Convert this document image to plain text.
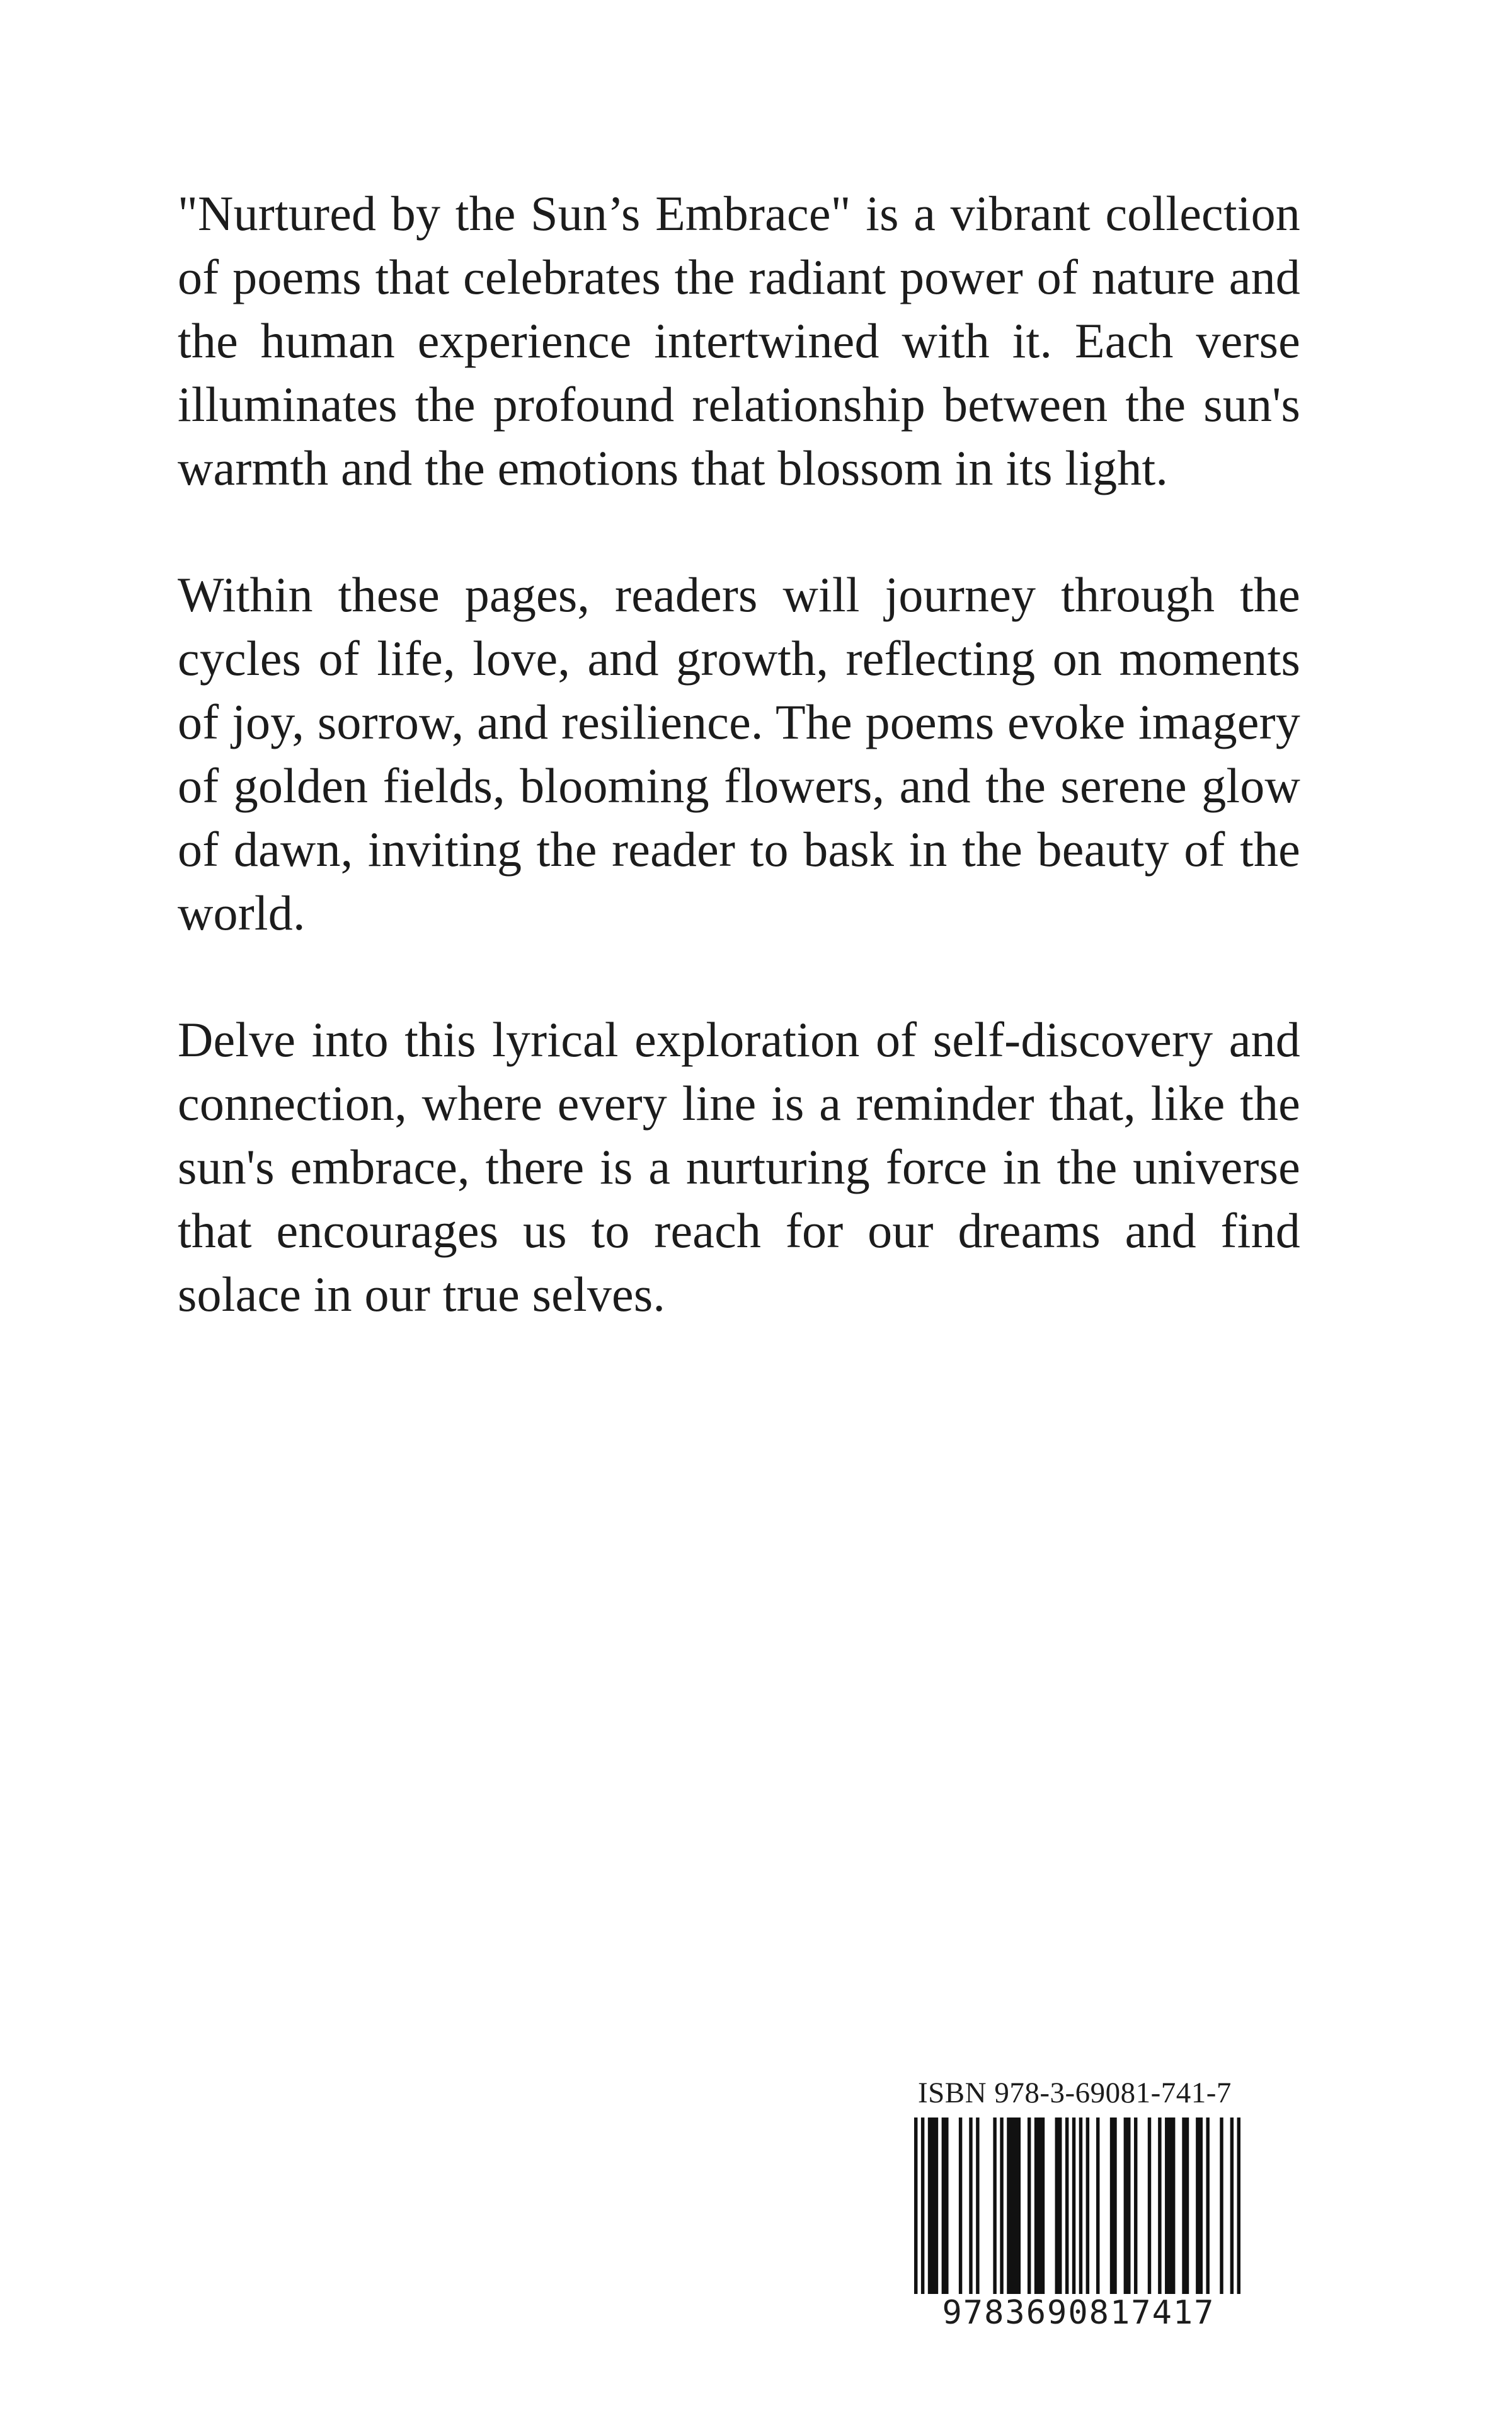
"Nurtured by the Sun’s Embrace" is a vibrant collection of poems that celebrates the radiant power of nature and the human experience intertwined with it. Each verse illuminates the profound relationship between the sun's warmth and the emotions that blossom in its light.

Within these pages, readers will journey through the cycles of life, love, and growth, reflecting on moments of joy, sorrow, and resilience. The poems evoke imagery of golden fields, blooming flowers, and the serene glow of dawn, inviting the reader to bask in the beauty of the world.

Delve into this lyrical exploration of self-discovery and connection, where every line is a reminder that, like the sun's embrace, there is a nurturing force in the universe that encourages us to reach for our dreams and find solace in our true selves.

ISBN 978-3-69081-741-7
9783690817417
